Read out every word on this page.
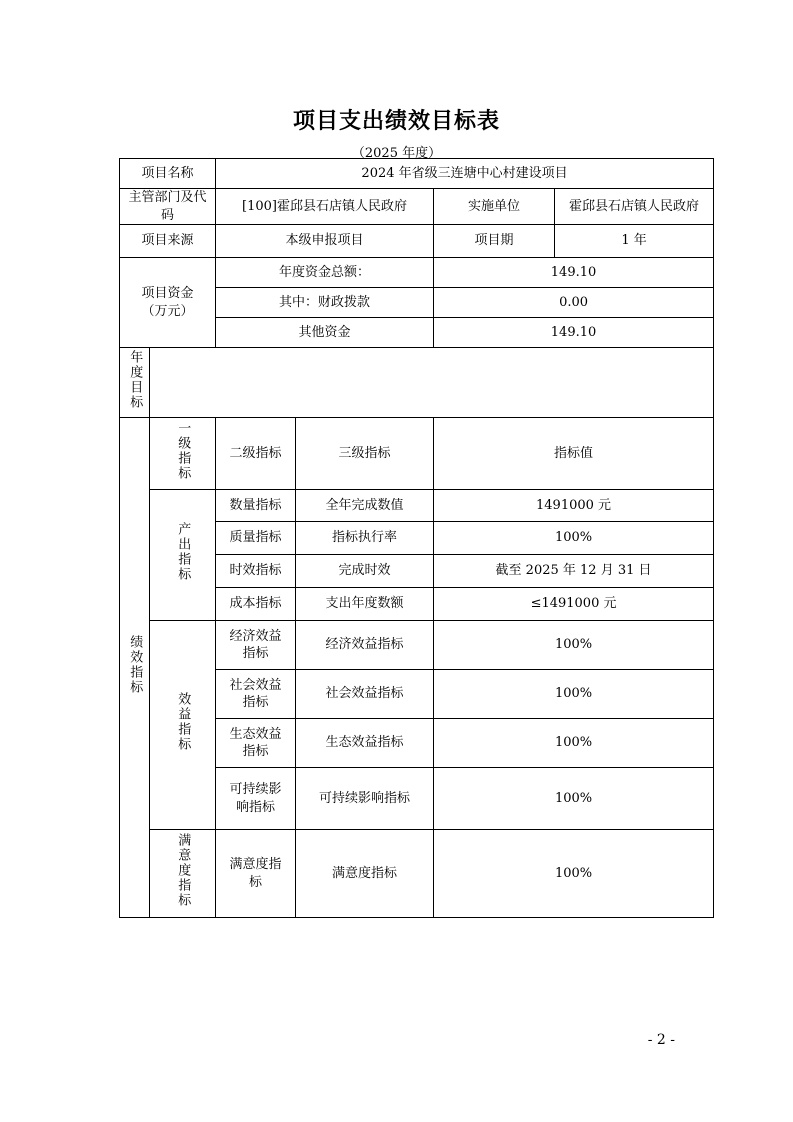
项目支出绩效目标表
（2025 年度）
项目名称		2024 年省级三连塘中心村建设项目		
主管部门及代码		[100]霍邱县石店镇人民政府		实施单位 霍邱县石店镇人民政府

项目来源		本级申报项目		项目期 1 年

项目资金（万元）		年度资金总额：		149.10
		其中：财政拨款		0.00
		其他资金		149.10
年度目标				
绩效指标	一级指标	二级指标	三级指标	指标值
	产出指标	数量指标	全年完成数值	1491000 元
		质量指标	指标执行率	100%
		时效指标	完成时效	截至 2025 年 12 月 31 日
		成本指标	支出年度数额	≤1491000 元
	效益指标	经济效益指标	经济效益指标	100%
		社会效益指标	社会效益指标	100%
		生态效益指标	生态效益指标	100%
		可持续影响指标	可持续影响指标	100%
	满意度指标	满意度指标	满意度指标	100%
- 2 -
